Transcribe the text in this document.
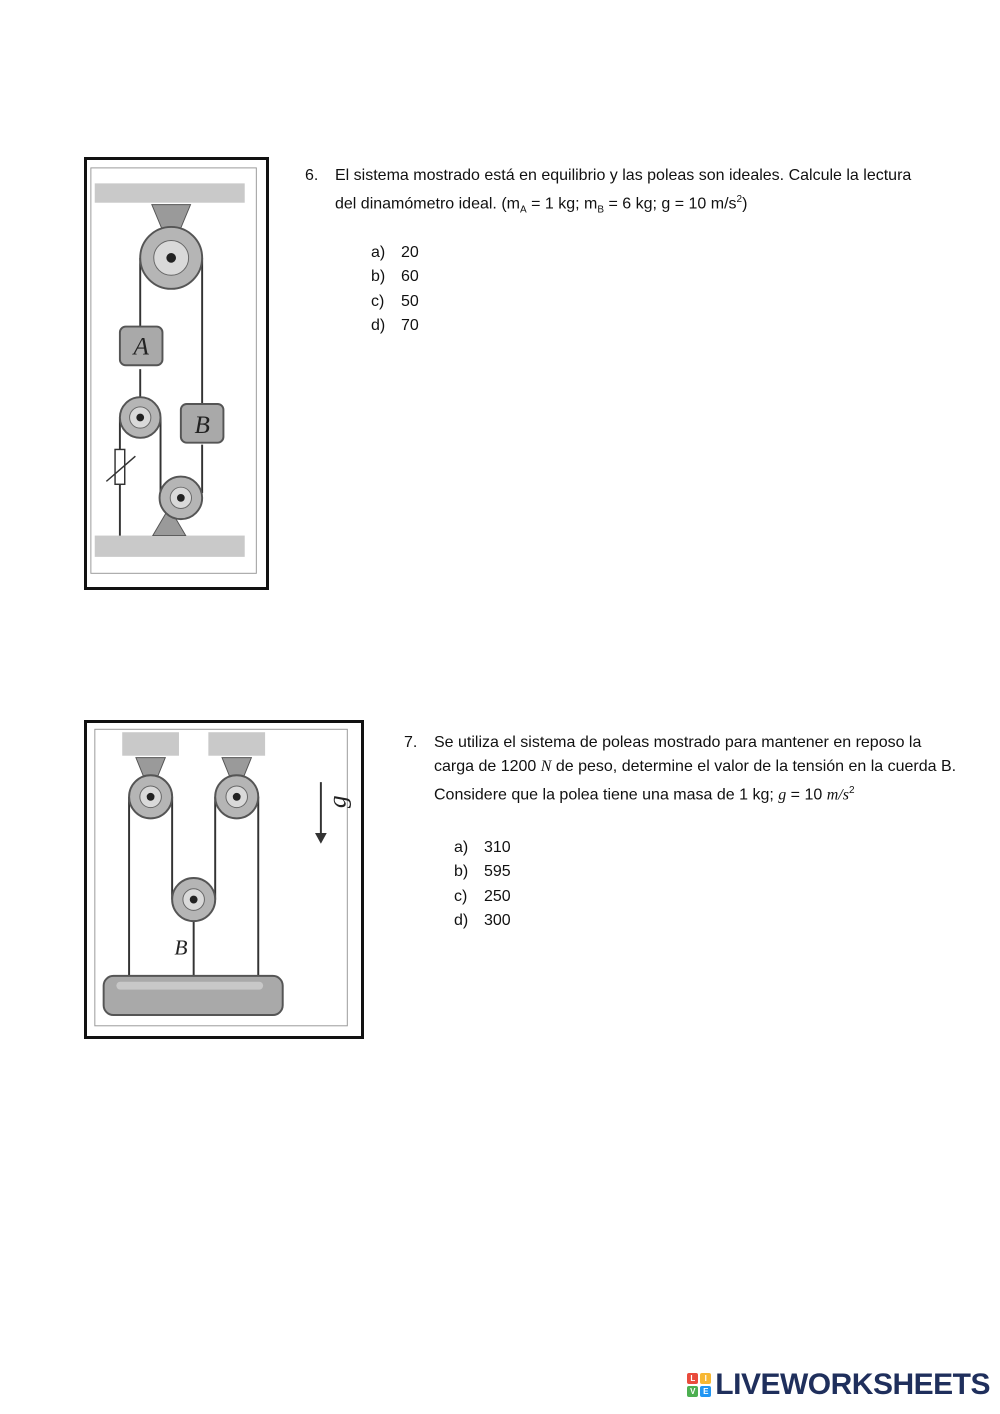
A
B
6.	El sistema mostrado está en equilibrio y las poleas son ideales. Calcule la lectura
del dinamómetro ideal. ($m_A = 1$ kg; $m_B = 6$ kg; g = 10 $m/s^2$)
a) 20
b) 60
c)	50
d) 70
B
g
7.	Se utiliza el sistema de poleas mostrado para mantener en reposo la
carga de 1200 N de peso, determine el valor de la tensión en la cuerda B.
Considere que la polea tiene una masa de 1 kg; g = 10 $m/s^2$
a) 310
b) 595
c)	250
d) 300
L	I
V E LIVEWORKSHEETS
